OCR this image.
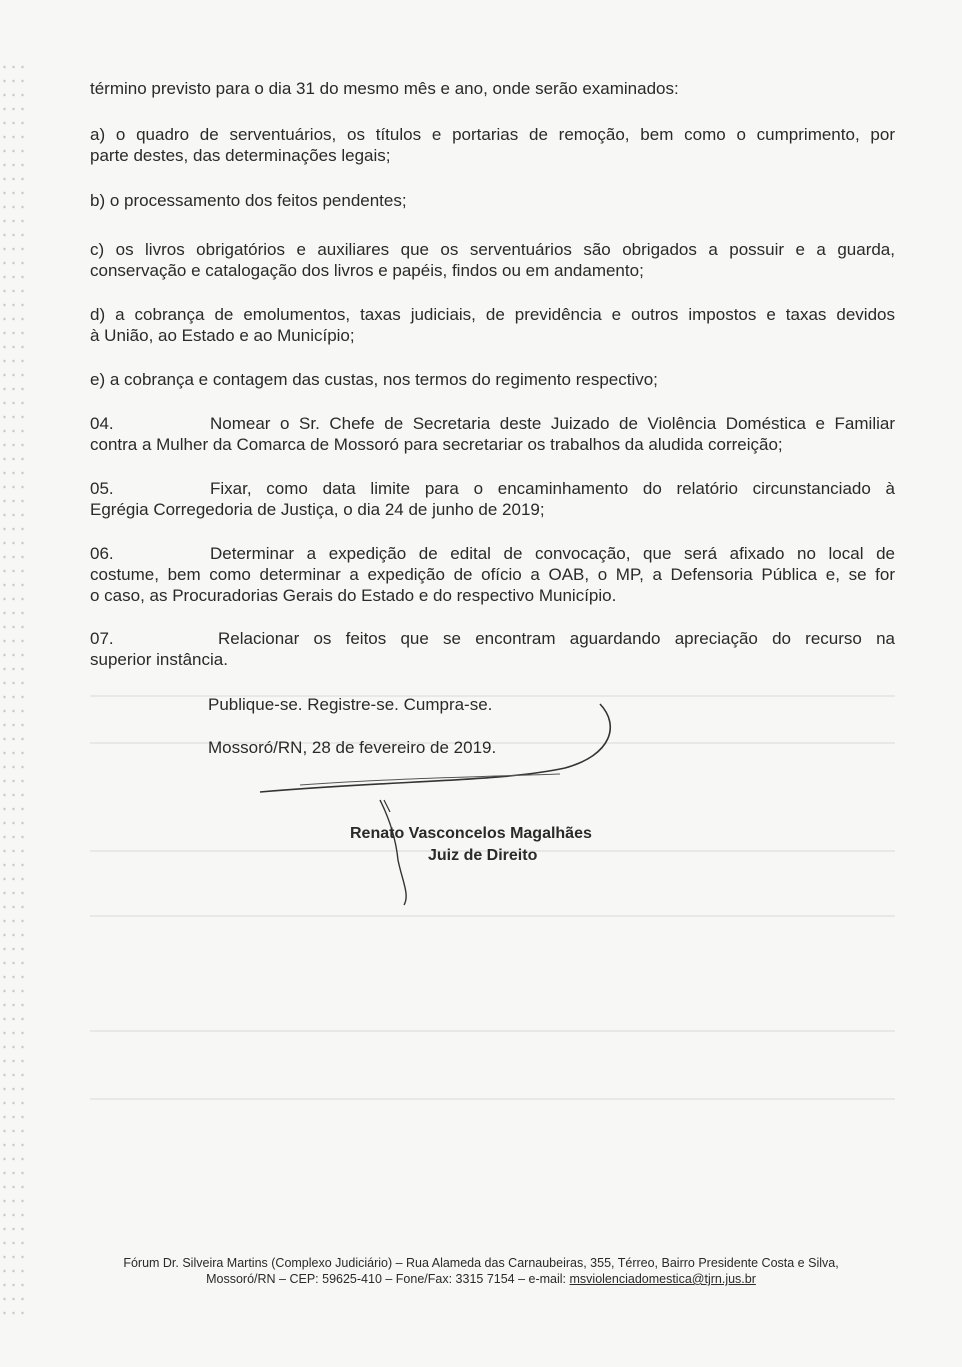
término previsto para o dia 31 do mesmo mês e ano, onde serão examinados:
a) o quadro de serventuários, os títulos e portarias de remoção, bem como o cumprimento, por
parte destes, das determinações legais;
b) o processamento dos feitos pendentes;
c) os livros obrigatórios e auxiliares que os serventuários são obrigados a possuir e a guarda,
conservação e catalogação dos livros e papéis, findos ou em andamento;
d) a cobrança de emolumentos, taxas judiciais, de previdência e outros impostos e taxas devidos
à União, ao Estado e ao Município;
e) a cobrança e contagem das custas, nos termos do regimento respectivo;
04.	Nomear o Sr. Chefe de Secretaria deste Juizado de Violência Doméstica e Familiar
contra a Mulher da Comarca de Mossoró para secretariar os trabalhos da aludida correição;
05.	Fixar, como data limite para o encaminhamento do relatório circunstanciado à
Egrégia Corregedoria de Justiça, o dia 24 de junho de 2019;
06.	Determinar a expedição de edital de convocação, que será afixado no local de
costume, bem como determinar a expedição de ofício a OAB, o MP, a Defensoria Pública e, se for
o caso, as Procuradorias Gerais do Estado e do respectivo Município.
07.	Relacionar os feitos que se encontram aguardando apreciação do recurso na
superior instância.
Publique-se. Registre-se. Cumpra-se.
Mossoró/RN, 28 de fevereiro de 2019.
Renato Vasconcelos Magalhães
Juiz de Direito
Fórum Dr. Silveira Martins (Complexo Judiciário) – Rua Alameda das Carnaubeiras, 355, Térreo, Bairro Presidente Costa e Silva,
Mossoró/RN – CEP: 59625-410 – Fone/Fax: 3315 7154 – e-mail: msviolenciadomestica@tjrn.jus.br
